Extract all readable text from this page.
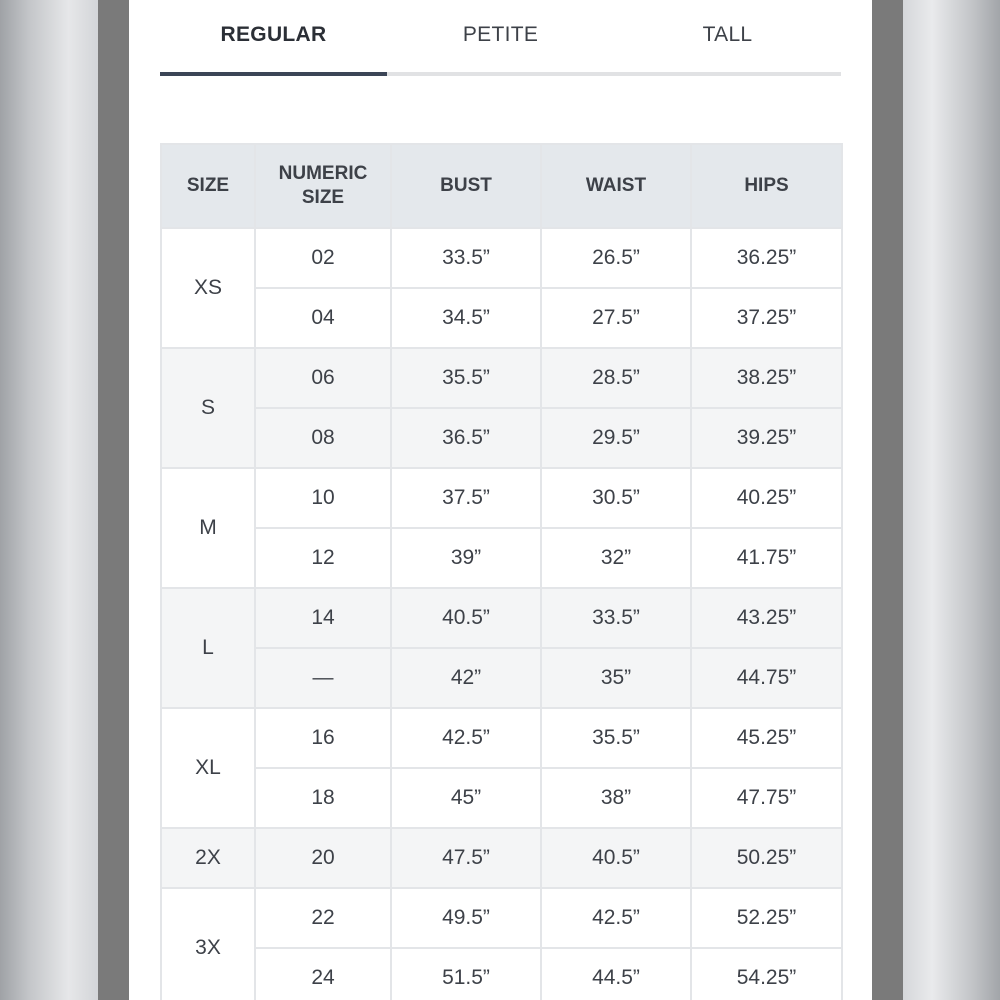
REGULAR	PETITE	TALL
SIZE	NUMERIC SIZE	BUST	WAIST	HIPS
XS	02	33.5”	26.5”	36.25”
	04	34.5”	27.5”	37.25”
S	06	35.5”	28.5”	38.25”
	08	36.5”	29.5”	39.25”
M	10	37.5”	30.5”	40.25”
	12	39”	32”	41.75”
L	14	40.5”	33.5”	43.25”
	—	42”	35”	44.75”
XL	16	42.5”	35.5”	45.25”
	18	45”	38”	47.75”
2X	20	47.5”	40.5”	50.25”
3X	22	49.5”	42.5”	52.25”
	24	51.5”	44.5”	54.25”
